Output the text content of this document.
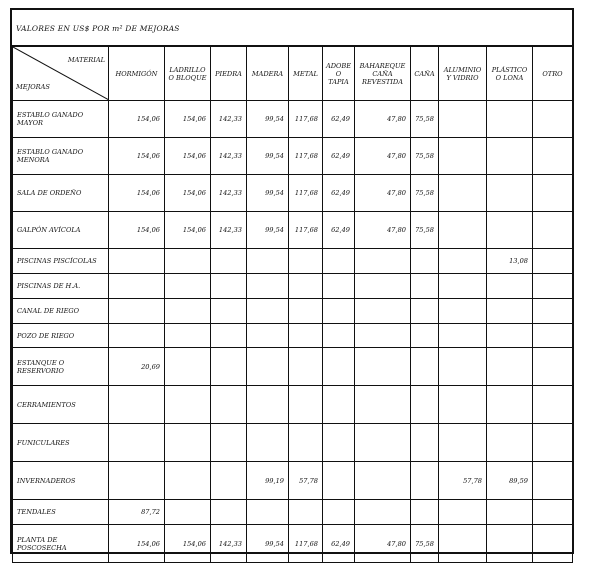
VALORES EN US$ POR m² DE MEJORAS
MATERIAL
MEJORAS	HORMIGÓN	LADRILLO O BLOQUE	PIEDRA	MADERA	METAL	ADOBE O TAPIA	BAHAREQUE CAÑA REVESTIDA	CAÑA	ALUMINIO Y VIDRIO	PLÁSTICO O LONA	OTRO
ESTABLO GANADO MAYOR	154,06	154,06	142,33	99,54	117,68	62,49	47,80	75,58			
ESTABLO GANADO MENORA	154,06	154,06	142,33	99,54	117,68	62,49	47,80	75,58			
SALA DE ORDEÑO	154,06	154,06	142,33	99,54	117,68	62,49	47,80	75,58			
GALPÓN AVÍCOLA	154,06	154,06	142,33	99,54	117,68	62,49	47,80	75,58			
PISCINAS PISCÍCOLAS										13,08	
PISCINAS DE H.A.											
CANAL DE RIEGO											
POZO DE RIEGO											
ESTANQUE O RESERVORIO	20,69										
CERRAMIENTOS											
FUNICULARES											
INVERNADEROS				99,19	57,78				57,78	89,59	
TENDALES	87,72										
PLANTA DE POSCOSECHA	154,06	154,06	142,33	99,54	117,68	62,49	47,80	75,58			
